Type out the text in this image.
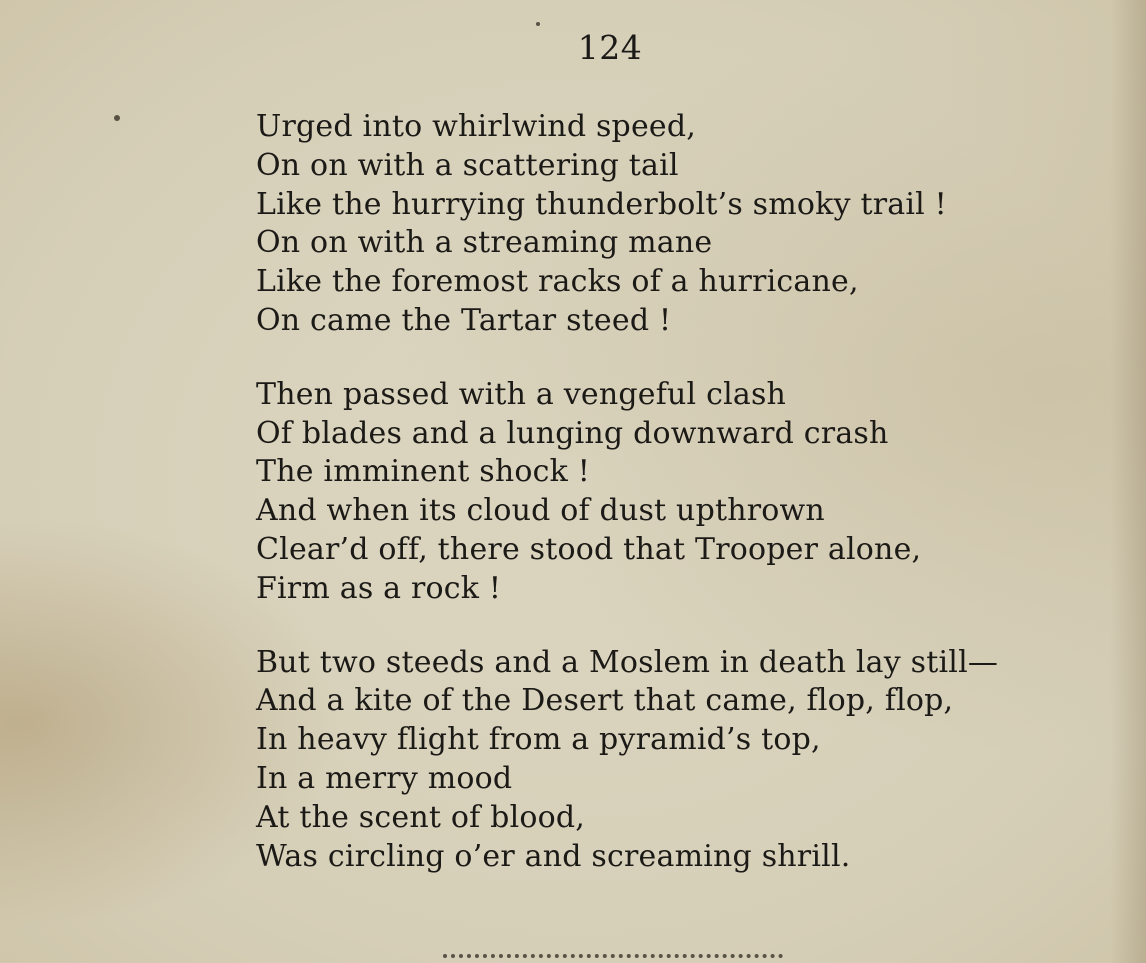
124
Urged into whirlwind speed,
On on with a scattering tail
Like the hurrying thunderbolt’s smoky trail !
On on with a streaming mane
Like the foremost racks of a hurricane,
On came the Tartar steed !
Then passed with a vengeful clash
Of blades and a lunging downward crash
The imminent shock !
And when its cloud of dust upthrown
Clear’d off, there stood that Trooper alone,
Firm as a rock !
But two steeds and a Moslem in death lay still—
And a kite of the Desert that came, flop, flop,
In heavy flight from a pyramid’s top,
In a merry mood
At the scent of blood,
Was circling o’er and screaming shrill.
